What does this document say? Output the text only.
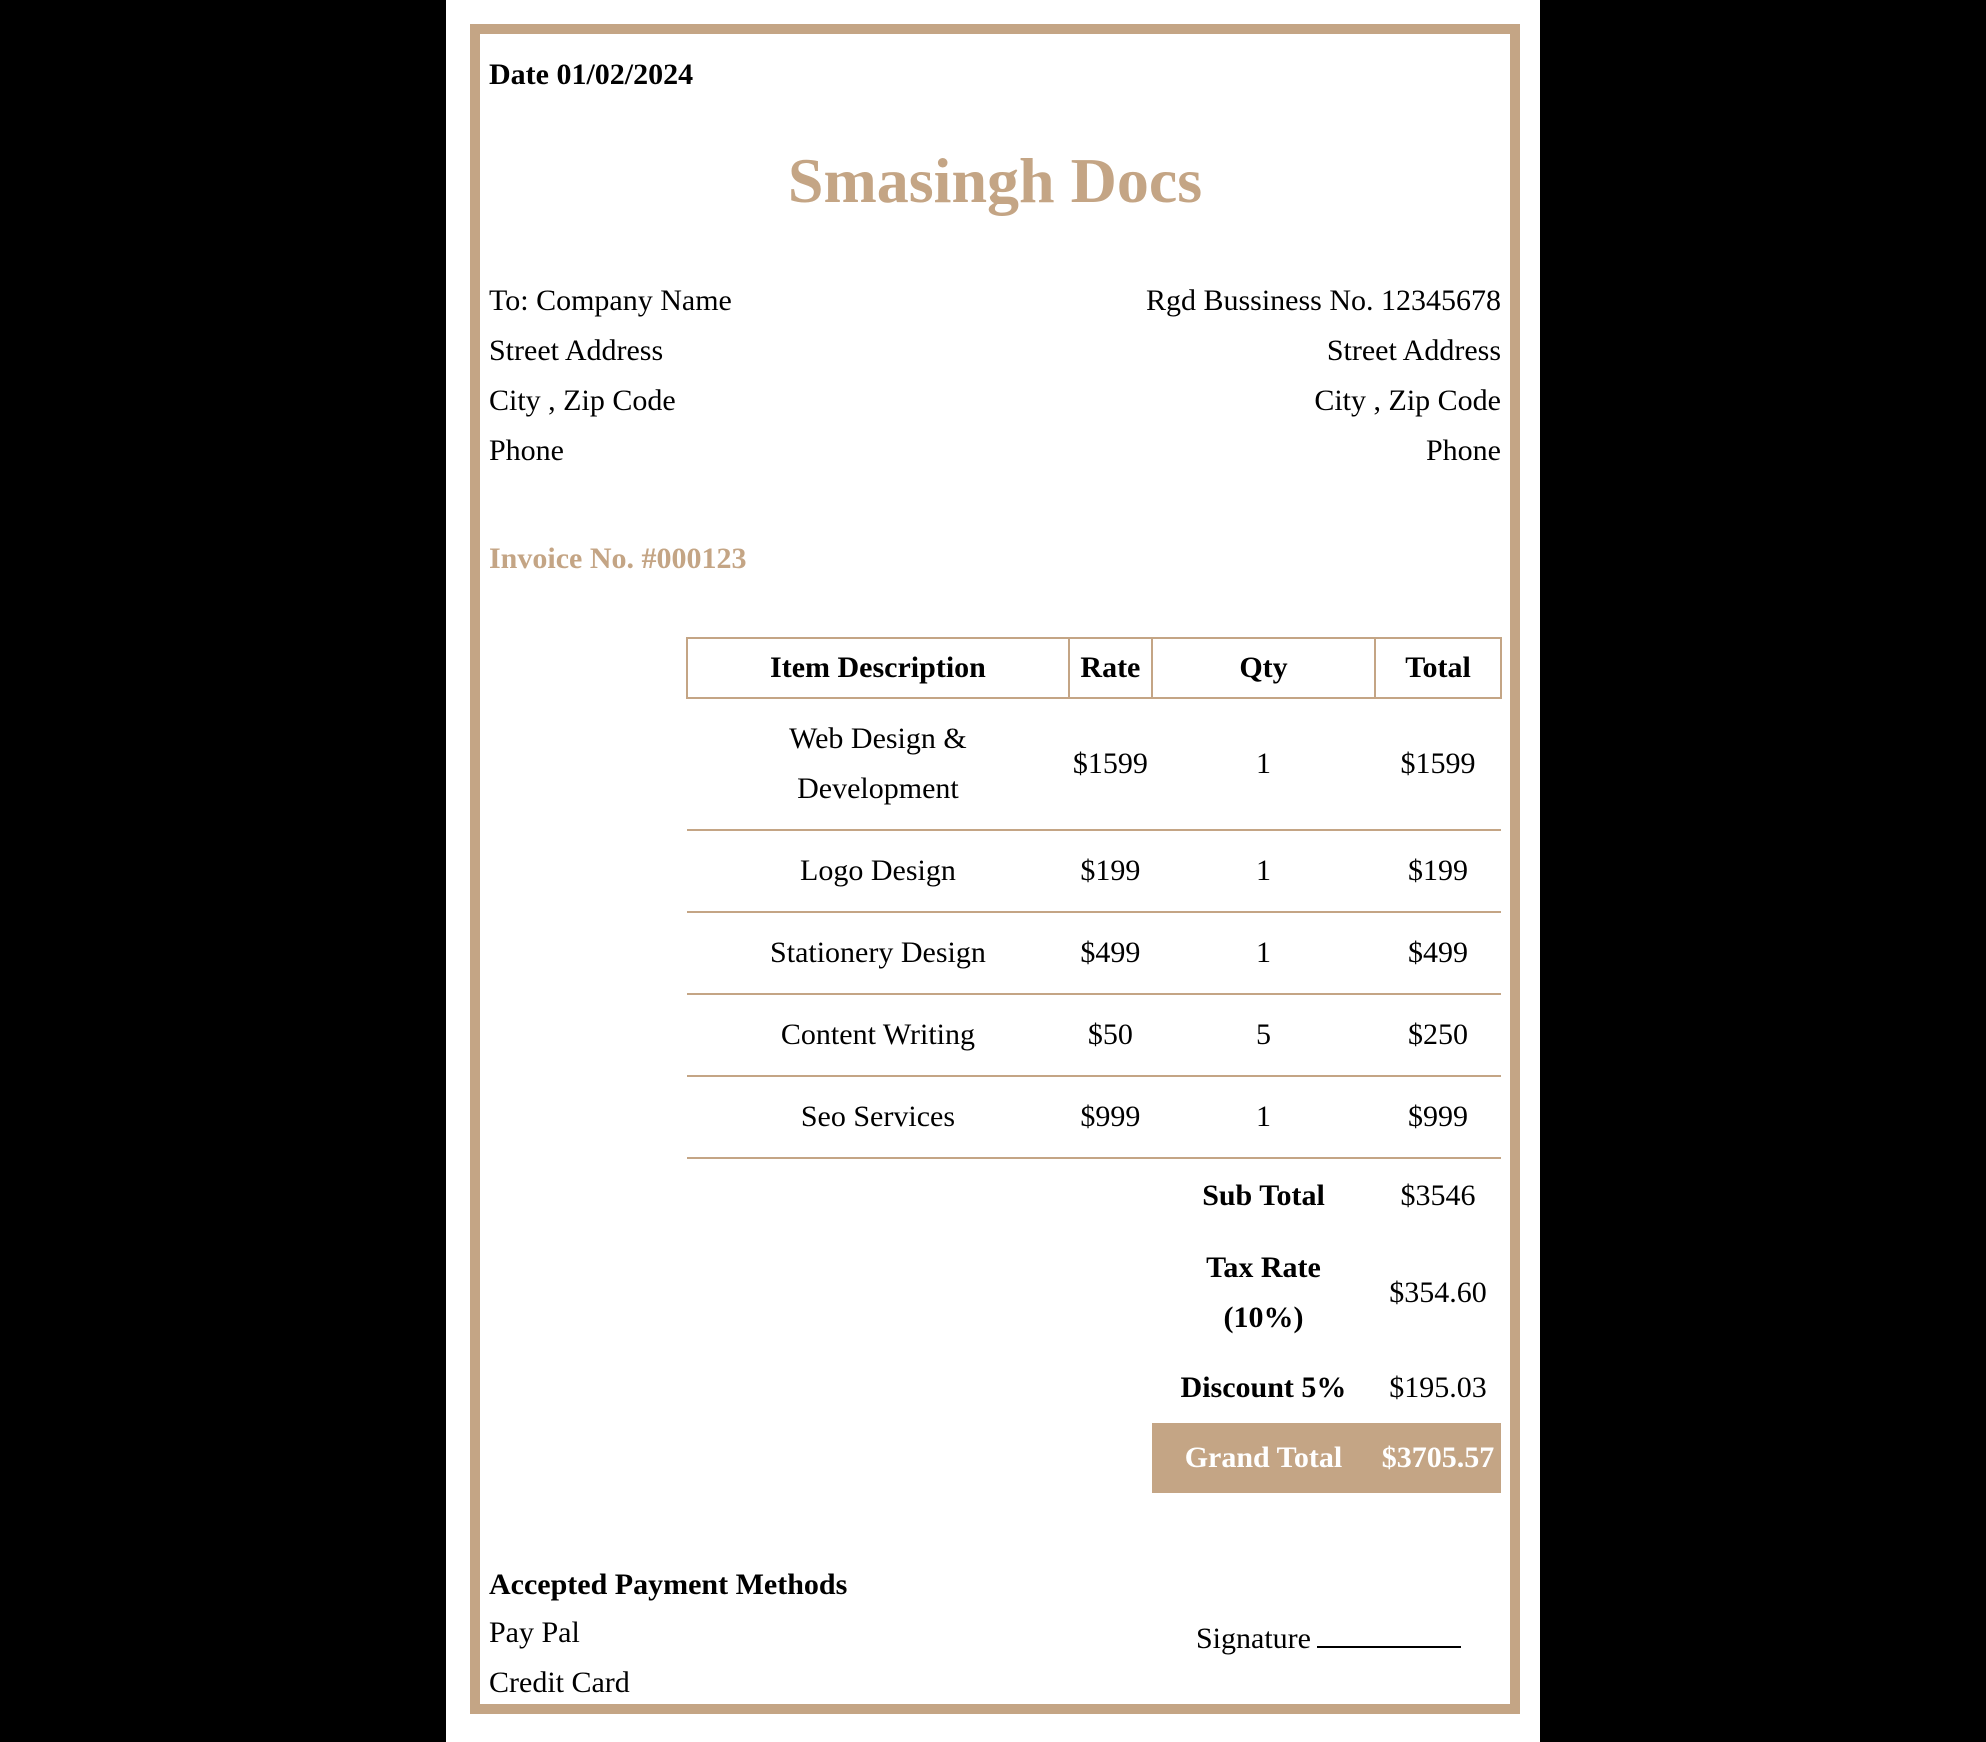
Date 01/02/2024
Smasingh Docs
To: Company Name
Street Address
City , Zip Code
Phone
Rgd Bussiness No. 12345678
Street Address
City , Zip Code
Phone
Invoice No. #000123
Item Description	Rate	Qty	Total
Web Design & Development	$1599	1	$1599
Logo Design	$199	1	$199
Stationery Design	$499	1	$499
Content Writing	$50	5	$250
Seo Services	$999	1	$999
		Sub Total	$3546
		Tax Rate (10%)	$354.60
		Discount 5%	$195.03
		Grand Total	$3705.57
Accepted Payment Methods
Pay Pal
Credit Card
Signature
